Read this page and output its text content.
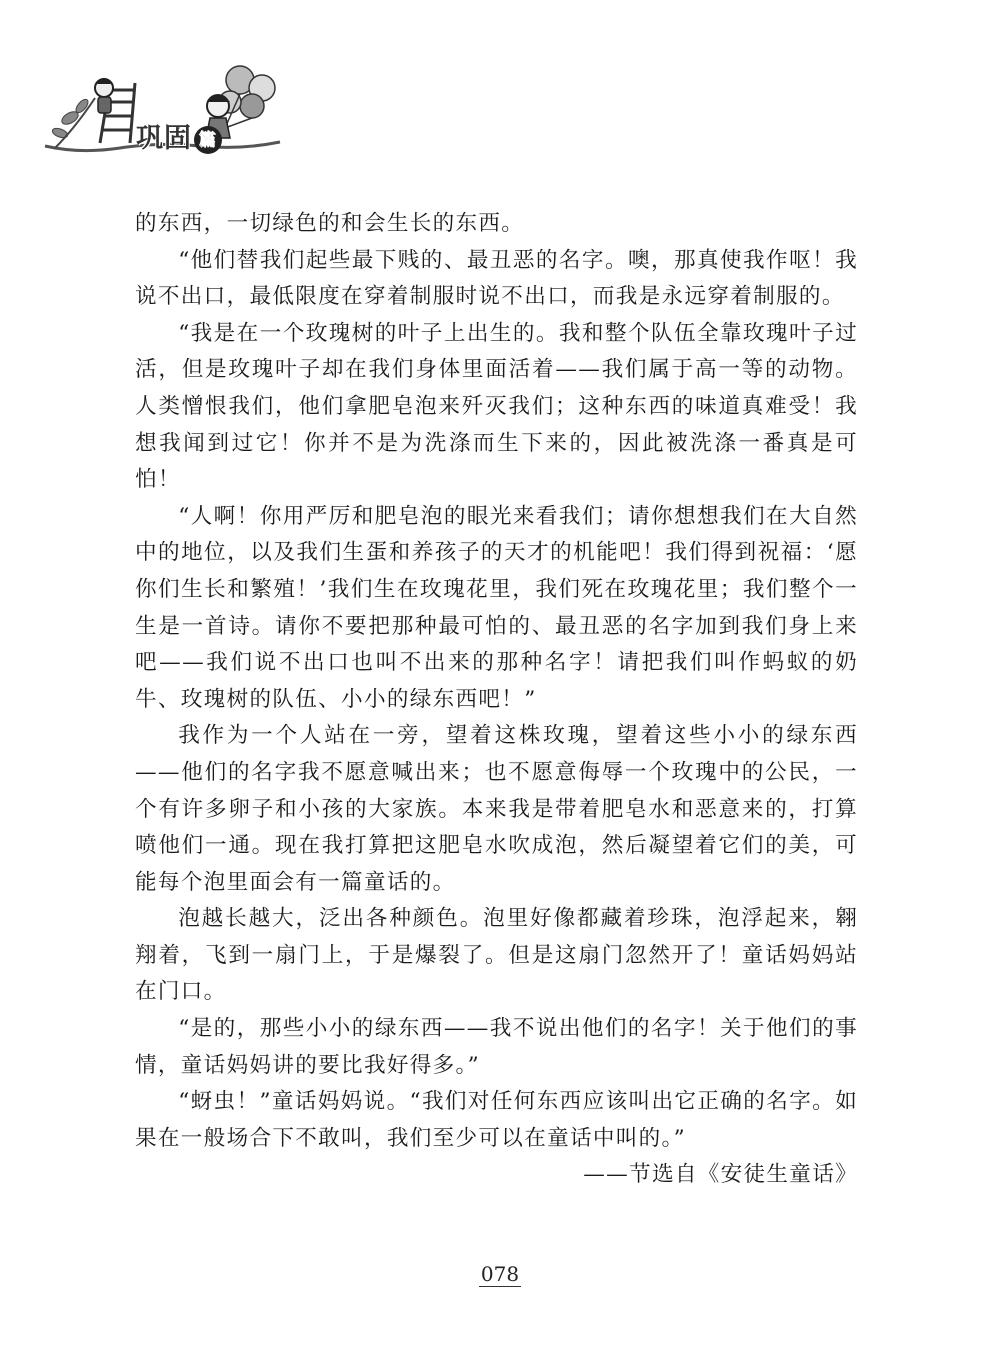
巩固 篇

的东西，一切绿色的和会生长的东西。

“他们替我们起些最下贱的、最丑恶的名字。噢，那真使我作呕！我说不出口，最低限度在穿着制服时说不出口，而我是永远穿着制服的。

“我是在一个玫瑰树的叶子上出生的。我和整个队伍全靠玫瑰叶子过活，但是玫瑰叶子却在我们身体里面活着——我们属于高一等的动物。人类憎恨我们，他们拿肥皂泡来歼灭我们；这种东西的味道真难受！我想我闻到过它！你并不是为洗涤而生下来的，因此被洗涤一番真是可怕！

“人啊！你用严厉和肥皂泡的眼光来看我们；请你想想我们在大自然中的地位，以及我们生蛋和养孩子的天才的机能吧！我们得到祝福：‘愿你们生长和繁殖！’我们生在玫瑰花里，我们死在玫瑰花里；我们整个一生是一首诗。请你不要把那种最可怕的、最丑恶的名字加到我们身上来吧——我们说不出口也叫不出来的那种名字！请把我们叫作蚂蚁的奶牛、玫瑰树的队伍、小小的绿东西吧！”

我作为一个人站在一旁，望着这株玫瑰，望着这些小小的绿东西——他们的名字我不愿意喊出来；也不愿意侮辱一个玫瑰中的公民，一个有许多卵子和小孩的大家族。本来我是带着肥皂水和恶意来的，打算喷他们一通。现在我打算把这肥皂水吹成泡，然后凝望着它们的美，可能每个泡里面会有一篇童话的。

泡越长越大，泛出各种颜色。泡里好像都藏着珍珠，泡浮起来，翱翔着，飞到一扇门上，于是爆裂了。但是这扇门忽然开了！童话妈妈站在门口。

“是的，那些小小的绿东西——我不说出他们的名字！关于他们的事情，童话妈妈讲的要比我好得多。”

“蚜虫！”童话妈妈说。“我们对任何东西应该叫出它正确的名字。如果在一般场合下不敢叫，我们至少可以在童话中叫的。”

——节选自《安徒生童话》

078
